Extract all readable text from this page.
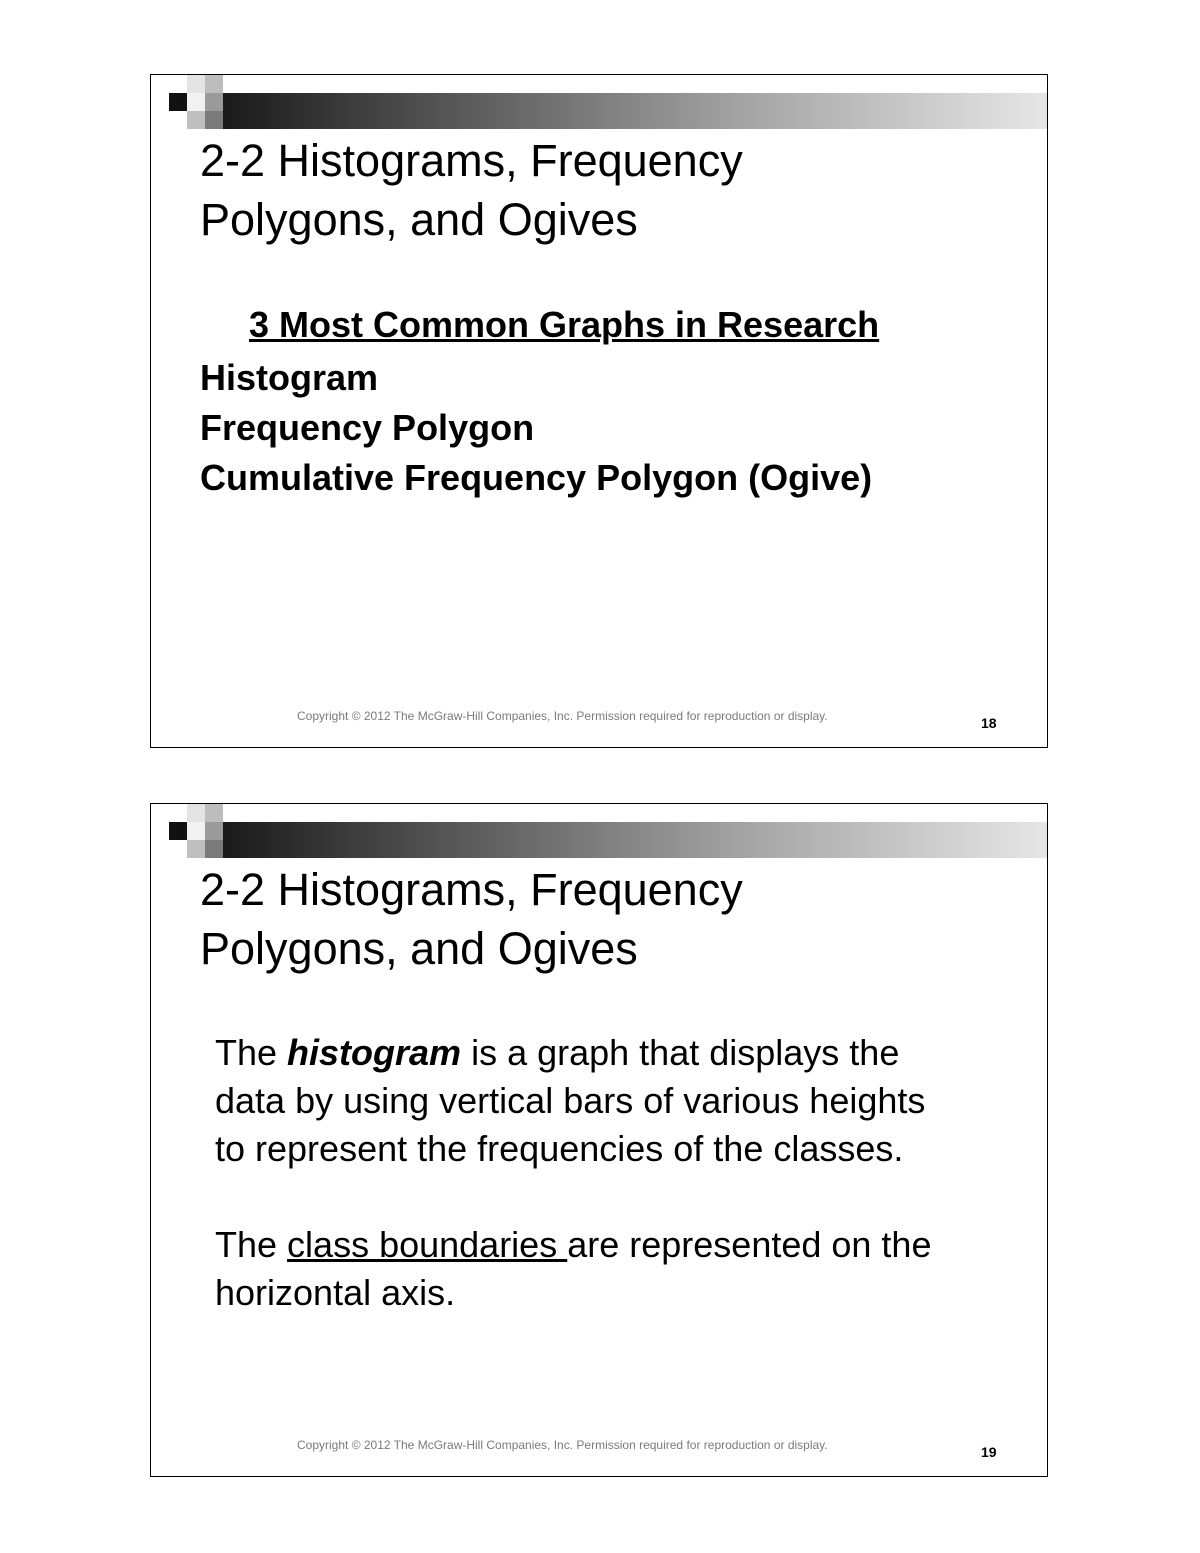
2-2 Histograms, Frequency
Polygons, and Ogives
3 Most Common Graphs in Research
Histogram
Frequency Polygon
Cumulative Frequency Polygon (Ogive)
Copyright © 2012 The McGraw-Hill Companies, Inc. Permission required for reproduction or display.	18
2-2 Histograms, Frequency
Polygons, and Ogives

The histogram is a graph that displays the data by using vertical bars of various heights to represent the frequencies of the classes.

The class boundaries are represented on the horizontal axis.

Copyright © 2012 The McGraw-Hill Companies, Inc. Permission required for reproduction or display.	19
